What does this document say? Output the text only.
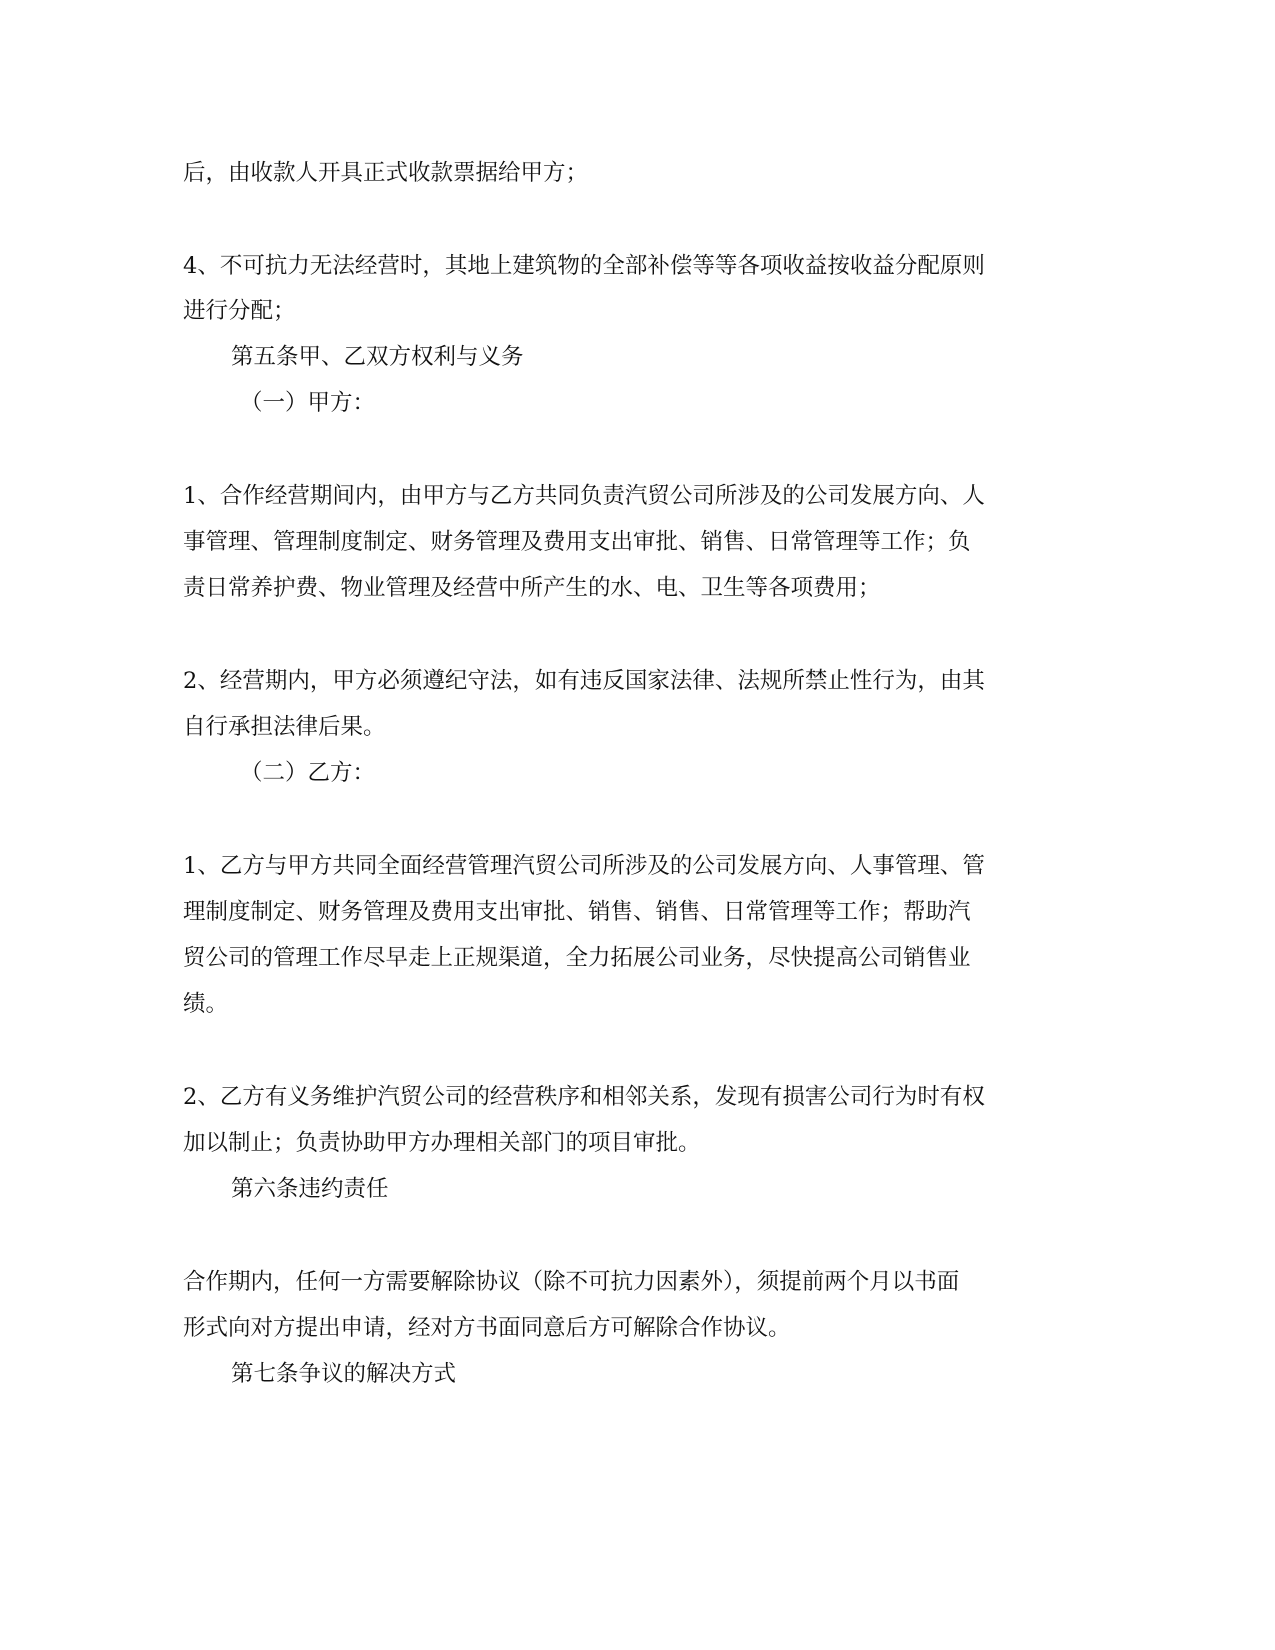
后，由收款人开具正式收款票据给甲方；

4、不可抗力无法经营时，其地上建筑物的全部补偿等等各项收益按收益分配原则

进行分配；

第五条甲、乙双方权利与义务

（一）甲方：

1、合作经营期间内，由甲方与乙方共同负责汽贸公司所涉及的公司发展方向、人

事管理、管理制度制定、财务管理及费用支出审批、销售、日常管理等工作；负

责日常养护费、物业管理及经营中所产生的水、电、卫生等各项费用；

2、经营期内，甲方必须遵纪守法，如有违反国家法律、法规所禁止性行为，由其

自行承担法律后果。

（二）乙方：

1、乙方与甲方共同全面经营管理汽贸公司所涉及的公司发展方向、人事管理、管

理制度制定、财务管理及费用支出审批、销售、销售、日常管理等工作；帮助汽

贸公司的管理工作尽早走上正规渠道，全力拓展公司业务，尽快提高公司销售业

绩。

2、乙方有义务维护汽贸公司的经营秩序和相邻关系，发现有损害公司行为时有权

加以制止；负责协助甲方办理相关部门的项目审批。

第六条违约责任

合作期内，任何一方需要解除协议（除不可抗力因素外），须提前两个月以书面

形式向对方提出申请，经对方书面同意后方可解除合作协议。

第七条争议的解决方式
